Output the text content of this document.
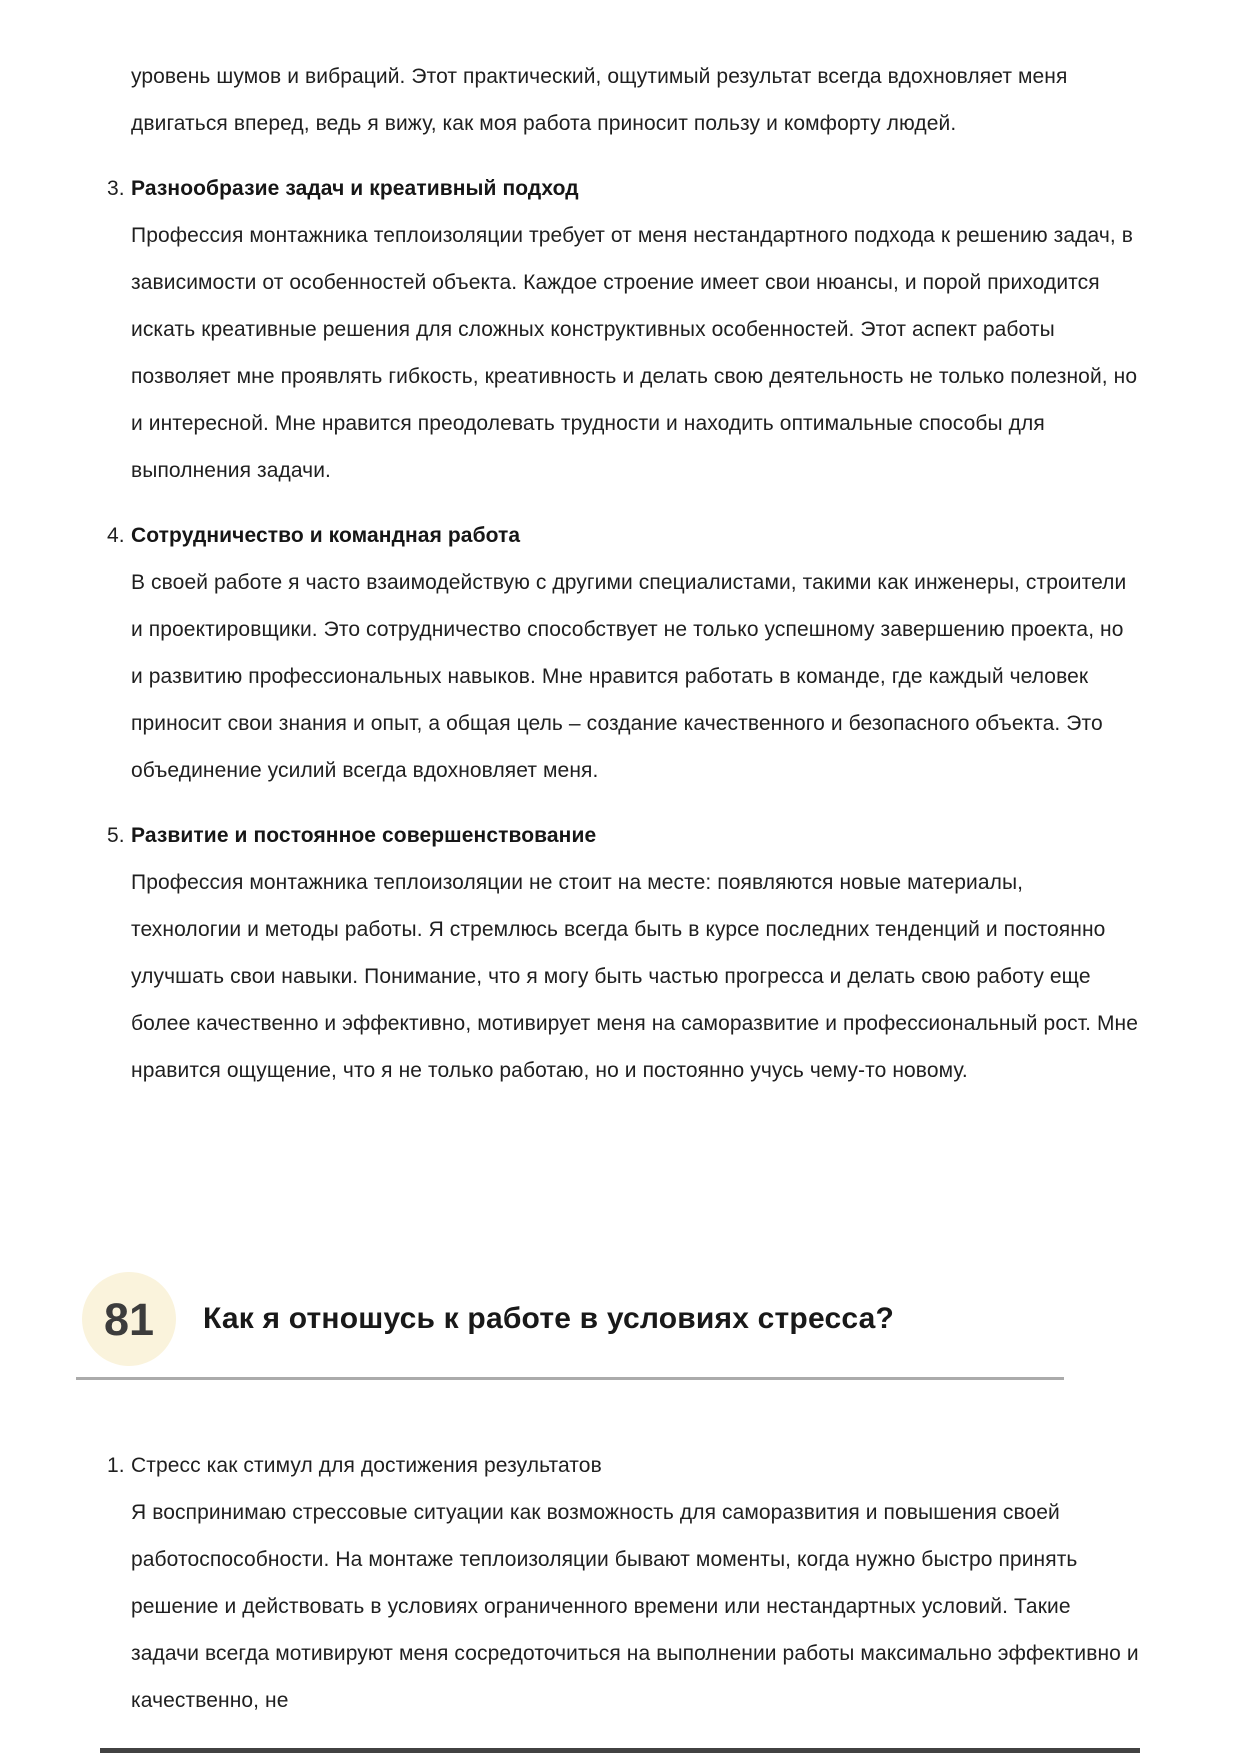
уровень шумов и вибраций. Этот практический, ощутимый результат всегда вдохновляет меня двигаться вперед, ведь я вижу, как моя работа приносит пользу и комфорту людей.

3. Разнообразие задач и креативный подход
Профессия монтажника теплоизоляции требует от меня нестандартного подхода к решению задач, в зависимости от особенностей объекта. Каждое строение имеет свои нюансы, и порой приходится искать креативные решения для сложных конструктивных особенностей. Этот аспект работы позволяет мне проявлять гибкость, креативность и делать свою деятельность не только полезной, но и интересной. Мне нравится преодолевать трудности и находить оптимальные способы для выполнения задачи.
4. Сотрудничество и командная работа
В своей работе я часто взаимодействую с другими специалистами, такими как инженеры, строители и проектировщики. Это сотрудничество способствует не только успешному завершению проекта, но и развитию профессиональных навыков. Мне нравится работать в команде, где каждый человек приносит свои знания и опыт, а общая цель – создание качественного и безопасного объекта. Это объединение усилий всегда вдохновляет меня.
5. Развитие и постоянное совершенствование
Профессия монтажника теплоизоляции не стоит на месте: появляются новые материалы, технологии и методы работы. Я стремлюсь всегда быть в курсе последних тенденций и постоянно улучшать свои навыки. Понимание, что я могу быть частью прогресса и делать свою работу еще более качественно и эффективно, мотивирует меня на саморазвитие и профессиональный рост. Мне нравится ощущение, что я не только работаю, но и постоянно учусь чему-то новому.
81 Как я отношусь к работе в условиях стресса?
1. Стресс как стимул для достижения результатов
Я воспринимаю стрессовые ситуации как возможность для саморазвития и повышения своей работоспособности. На монтаже теплоизоляции бывают моменты, когда нужно быстро принять решение и действовать в условиях ограниченного времени или нестандартных условий. Такие задачи всегда мотивируют меня сосредоточиться на выполнении работы максимально эффективно и качественно, не
